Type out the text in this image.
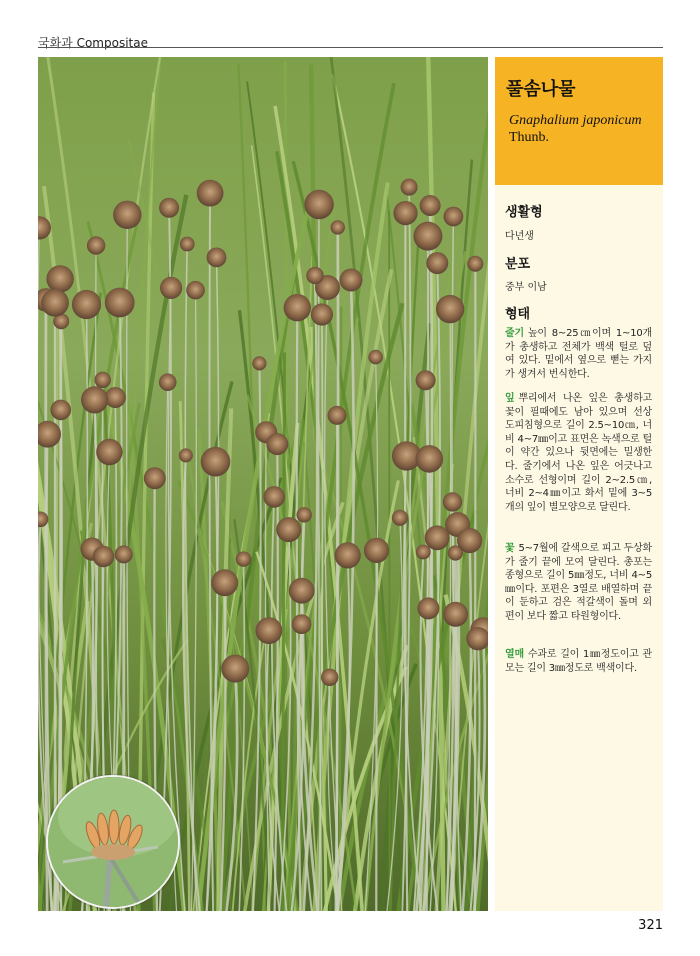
국화과 Compositae
풀솜나물
Gnaphalium japonicum
Thunb.
생활형
다년생
분포
중부 이남
형태
줄기 높이 8~25㎝이며 1~10개가 총생하고 전체가 백색 털로 덮여 있다. 밑에서 옆으로 뻗는 가지가 생겨서 번식한다.
잎 뿌리에서 나온 잎은 총생하고 꽃이 필때에도 남아 있으며 선상 도피침형으로 길이 2.5~10㎝, 너비 4~7㎜이고 표면은 녹색으로 털이 약간 있으나 뒷면에는 밀생한다. 줄기에서 나온 잎은 어긋나고 소수로 선형이며 길이 2~2.5㎝, 너비 2~4㎜이고 화서 밑에 3~5개의 잎이 별모양으로 달린다.
꽃 5~7월에 갈색으로 피고 두상화가 줄기 끝에 모여 달린다. 총포는 종형으로 길이 5㎜정도, 너비 4~5㎜이다. 포편은 3열로 배열하며 끝이 둔하고 검은 적갈색이 돌며 외편이 보다 짧고 타원형이다.
열매 수과로 길이 1㎜정도이고 관모는 길이 3㎜정도로 백색이다.
321
